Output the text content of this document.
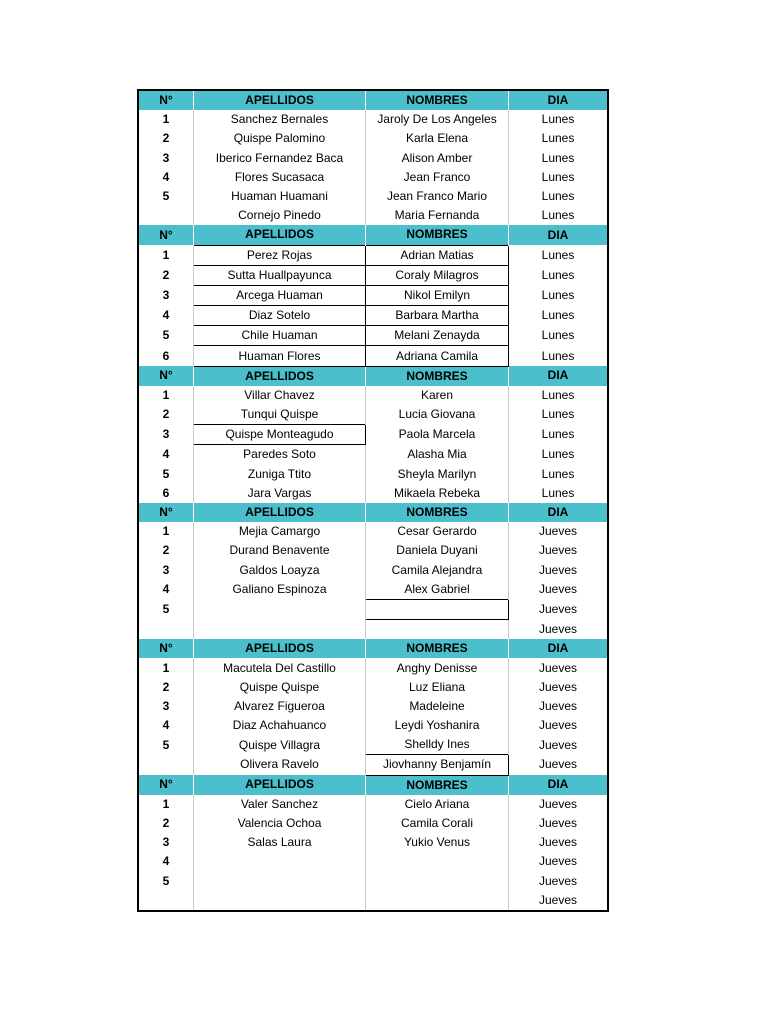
N°	APELLIDOS	NOMBRES	DIA
1	Sanchez Bernales	Jaroly De Los Angeles	Lunes
2	Quispe Palomino	Karla Elena	Lunes
3	Iberico Fernandez Baca	Alison Amber	Lunes
4	Flores Sucasaca	Jean Franco	Lunes
5	Huaman Huamani	Jean Franco Mario	Lunes
	Cornejo Pinedo	Maria Fernanda	Lunes
N°	APELLIDOS	NOMBRES	DIA
1	Perez Rojas	Adrian Matias	Lunes
2	Sutta Huallpayunca	Coraly Milagros	Lunes
3	Arcega Huaman	Nikol Emilyn	Lunes
4	Diaz Sotelo	Barbara Martha	Lunes
5	Chile Huaman	Melani Zenayda	Lunes
6	Huaman Flores	Adriana Camila	Lunes
N°	APELLIDOS	NOMBRES	DIA
1	Villar Chavez	Karen	Lunes
2	Tunqui Quispe	Lucia Giovana	Lunes
3	Quispe Monteagudo	Paola Marcela	Lunes
4	Paredes Soto	Alasha Mia	Lunes
5	Zuniga Ttito	Sheyla Marilyn	Lunes
6	Jara Vargas	Mikaela Rebeka	Lunes
N°	APELLIDOS	NOMBRES	DIA
1	Mejia Camargo	Cesar Gerardo	Jueves
2	Durand Benavente	Daniela Duyani	Jueves
3	Galdos Loayza	Camila Alejandra	Jueves
4	Galiano Espinoza	Alex Gabriel	Jueves
5			Jueves
			Jueves
N°	APELLIDOS	NOMBRES	DIA
1	Macutela Del Castillo	Anghy Denisse	Jueves
2	Quispe Quispe	Luz Eliana	Jueves
3	Alvarez Figueroa	Madeleine	Jueves
4	Diaz Achahuanco	Leydi Yoshanira	Jueves
5	Quispe Villagra	Shelldy Ines	Jueves
	Olivera Ravelo	Jiovhanny Benjamín	Jueves
N°	APELLIDOS	NOMBRES	DIA
1	Valer Sanchez	Cielo Ariana	Jueves
2	Valencia Ochoa	Camila Corali	Jueves
3	Salas Laura	Yukio Venus	Jueves
4			Jueves
5			Jueves
			Jueves
